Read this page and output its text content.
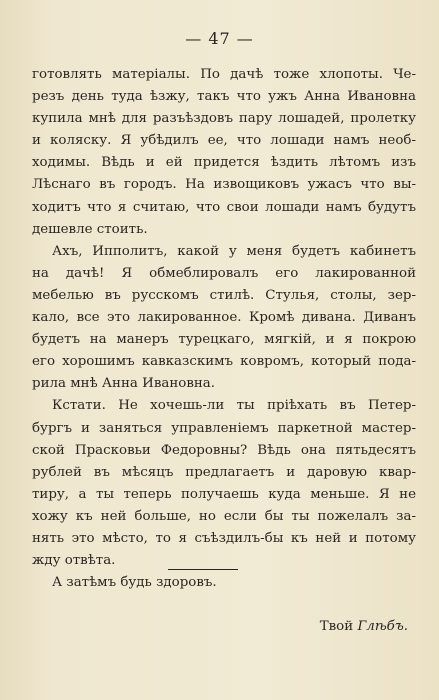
— 47 —
готовлять матеріалы. По дачѣ тоже хлопоты. Че-
резъ день туда ѣзжу, такъ что ужъ Анна Ивановна
купила мнѣ для разъѣздовъ пару лошадей, пролетку
и коляску. Я убѣдилъ ее, что лошади намъ необ-
ходимы. Вѣдь и ей придется ѣздить лѣтомъ изъ
Лѣснаго въ городъ. На извощиковъ ужасъ что вы-
ходитъ что я считаю, что свои лошади намъ будутъ
дешевле стоить.
Ахъ, Ипполитъ, какой у меня будетъ кабинетъ
на дачѣ! Я обмеблировалъ его лакированной
мебелью въ русскомъ стилѣ. Стулья, столы, зер-
кало, все это лакированное. Кромѣ дивана. Диванъ
будетъ на манеръ турецкаго, мягкій, и я покрою
его хорошимъ кавказскимъ ковромъ, который пода-
рила мнѣ Анна Ивановна.
Кстати. Не хочешь-ли ты пріѣхать въ Петер-
бургъ и заняться управленіемъ паркетной мастер-
ской Прасковьи Федоровны? Вѣдь она пятьдесятъ
рублей въ мѣсяцъ предлагаетъ и даровую квар-
тиру, а ты теперь получаешь куда меньше. Я не
хожу къ ней больше, но если бы ты пожелалъ за-
нять это мѣсто, то я съѣздилъ-бы къ ней и потому
жду отвѣта.
А затѣмъ будь здоровъ.
Твой Глѣбъ.
